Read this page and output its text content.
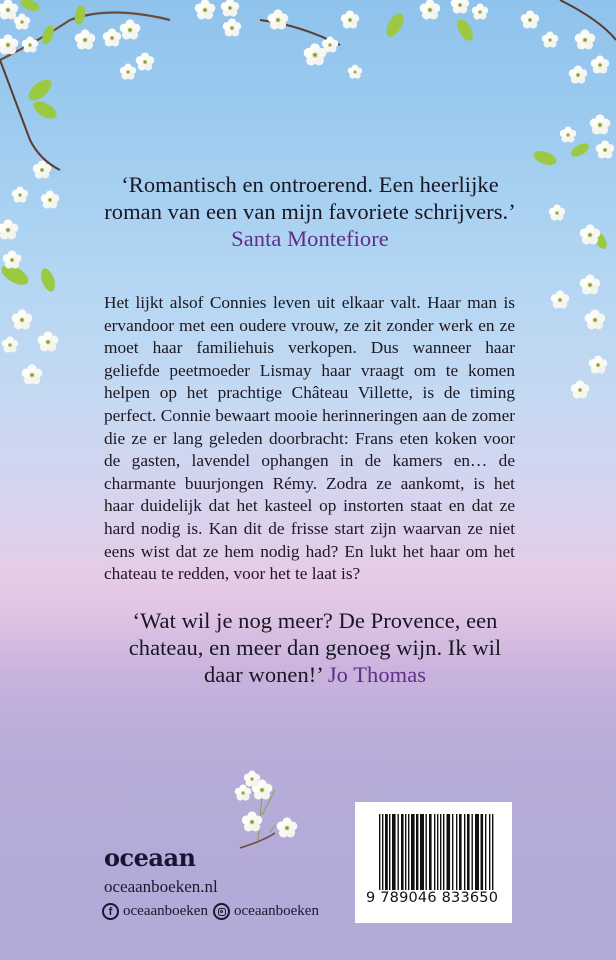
‘Romantisch en ontroerend. Een heerlijke
roman van een van mijn favoriete schrijvers.’
Santa Montefiore

Het lijkt alsof Connies leven uit elkaar valt. Haar man is ervandoor met een oudere vrouw, ze zit zonder werk en ze moet haar familiehuis verkopen. Dus wanneer haar geliefde peetmoeder Lismay haar vraagt om te komen helpen op het prachtige Château Villette, is de timing perfect. Connie bewaart mooie herinneringen aan de zomer die ze er lang geleden doorbracht: Frans eten koken voor de gasten, lavendel ophangen in de kamers en… de charmante buurjongen Rémy. Zodra ze aankomt, is het haar duidelijk dat het kasteel op instorten staat en dat ze hard nodig is. Kan dit de frisse start zijn waarvan ze niet eens wist dat ze hem nodig had? En lukt het haar om het chateau te redden, voor het te laat is?

‘Wat wil je nog meer? De Provence, een
chateau, en meer dan genoeg wijn. Ik wil
daar wonen!’ Jo Thomas
oceaan
oceaanboeken.nl
f oceaanboeken oceaanboeken
9 789046 833650
